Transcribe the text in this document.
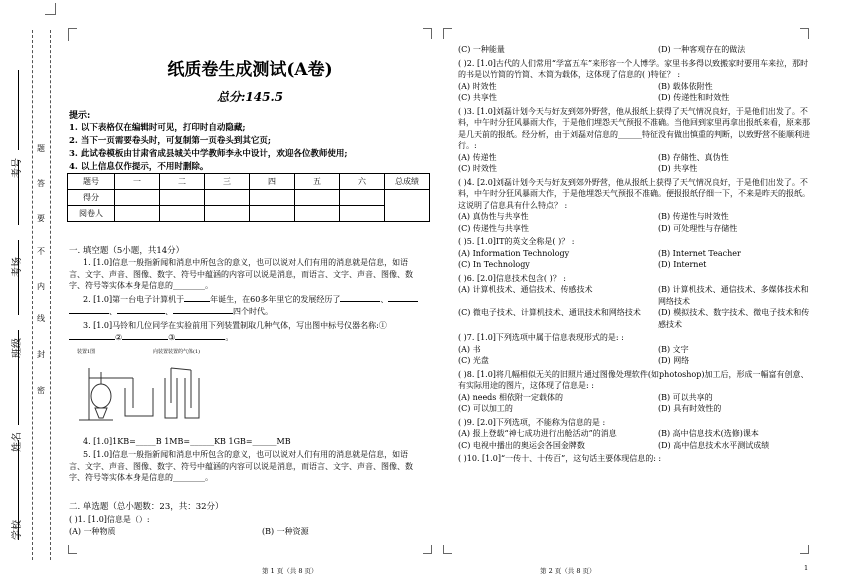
学校
姓名
班级
考场
考号
密
封
线
内
不
要
答
题
纸质卷生成测试(A卷)
总分:145.5
提示:
1. 以下表格仅在编辑时可见，打印时自动隐藏;
2. 当下一页需要卷头时，可复制第一页卷头到其它页;
3. 此试卷模板由甘肃省成县城关中学教师李永中设计，欢迎各位教师使用;
4. 以上信息仅作提示，不用时删除。
题号	一	二	三	四	五	六	总成绩
得分							
阅卷人							
一. 填空题（5小题，共14分）
1. [1.0]信息一般指新闻和消息中所包含的意义，也可以说对人们有用的消息就是信息，如语言、文字、声音、图像、数字、符号中蕴涵的内容可以说是消息，而语言、文字、声音、图像、数字、符号等实体本身是信息的________。
2. [1.0]第一台电子计算机于	年诞生，在60多年里它的发展经历了	、、	、	四个时代。
3. [1.0]马铃和几位同学在实验前用下列装置制取几种气体，写出图中标号仪器名称:①②	③	。
装置1图	向装置装置的气体(1)
4. [1.0]1KB=_____B 1MB=______KB 1GB=______MB
5. [1.0]信息一般指新闻和消息中所包含的意义，也可以说对人们有用的消息就是信息，如语言、文字、声音、图像、数字、符号中蕴涵的内容可以说是消息，而语言、文字、声音、图像、数字、符号等实体本身是信息的________。
二. 单选题（总小题数：23，共：32分）
( )1. [1.0]信息是（）:
(A) 一种物质	(B) 一种资源
(C) 一种能量	(D) 一种客观存在的做法
( )2. [1.0]古代的人们常用“学富五车”来形容一个人博学。家里书多得以致搬家时要用车来拉，那时的书是以竹简的竹简、木简为载体，这体现了信息的( )特征？ :
(A) 时效性	(B) 载体依附性
(C) 共享性	(D) 传递性和时效性
( )3. [1.0]刘磊计划今天与好友到郊外野营，他从报纸上获得了天气情况良好，于是他们出发了。不料，中午时分狂风暴雨大作，于是他们埋怨天气预报不准确。当他回到家里再拿出报纸来看，原来那是几天前的报纸。经分析，由于刘磊对信息的______特征没有做出慎重的判断，以致野营不能顺利进行。:
(A) 传递性	(B) 存储性、真伪性
(C) 时效性	(D) 共享性
( )4. [2.0]刘磊计划今天与好友到郊外野营，他从报纸上获得了天气情况良好，于是他们出发了。不料，中午时分狂风暴雨大作，于是他埋怨天气预报不准确。便报报纸仔细一下，不来是昨天的报纸。这说明了信息具有什么特点？ :
(A) 真伪性与共享性	(B) 传递性与时效性
(C) 传递性与共享性	(D) 可处理性与存储性
( )5. [1.0]IT的英文全称是( )？ :
(A) Information Technology	(B) Internet Teacher
(C) In Technology	(D) Internet
( )6. [2.0]信息技术包含( )？ :
(A) 计算机技术、通信技术、传感技术	(B) 计算机技术、通信技术、多媒体技术和网络技术
(C) 微电子技术、计算机技术、通讯技术和网络技术	(D) 模拟技术、数字技术、微电子技术和传感技术
( )7. [1.0]下列选项中属于信息表现形式的是: :
(A) 书	(B) 文字
(C) 光盘	(D) 网络
( )8. [1.0]将几幅相似无关的旧照片通过图像处理软件(如photoshop)加工后，形成一幅富有创意、有实际用途的图片，这体现了信息是: :
(A) needs 相依附一定载体的	(B) 可以共享的
(C) 可以加工的	(D) 具有时效性的
( )9. [2.0]下列选项，不能称为信息的是 :
(A) 报上登载“神七成功进行出舱活动”的消息	(B) 高中信息技术(选修)课本
(C) 电视中播出的奥运会各国金牌数	(D) 高中信息技术水平测试成绩
( )10. [1.0]“一传十、十传百”，这句话主要体现信息的: :
第 1 页（共 8 页）	第 2 页（共 8 页）	1
